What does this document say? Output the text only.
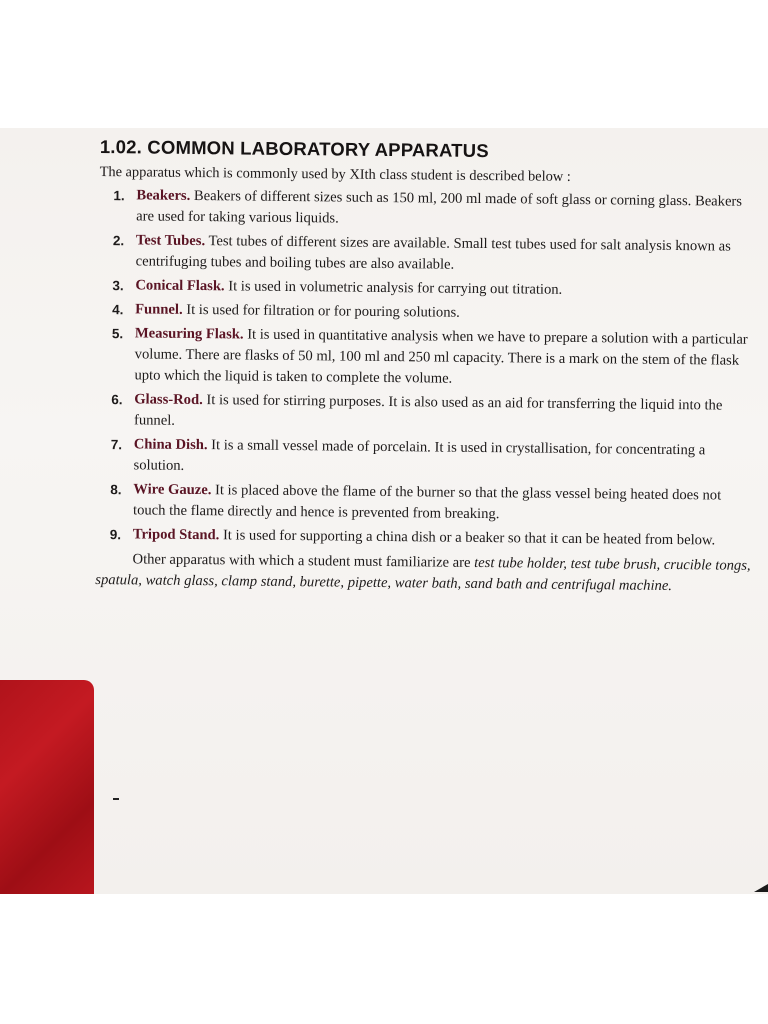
1.02. COMMON LABORATORY APPARATUS

The apparatus which is commonly used by XIth class student is described below :

1. Beakers. Beakers of different sizes such as 150 ml, 200 ml made of soft glass or corning glass. Beakers are used for taking various liquids.
2. Test Tubes. Test tubes of different sizes are available. Small test tubes used for salt analysis known as centrifuging tubes and boiling tubes are also available.
3. Conical Flask. It is used in volumetric analysis for carrying out titration.
4. Funnel. It is used for filtration or for pouring solutions.
5. Measuring Flask. It is used in quantitative analysis when we have to prepare a solution with a particular volume. There are flasks of 50 ml, 100 ml and 250 ml capacity. There is a mark on the stem of the flask upto which the liquid is taken to complete the volume.
6. Glass-Rod. It is used for stirring purposes. It is also used as an aid for transferring the liquid into the funnel.
7. China Dish. It is a small vessel made of porcelain. It is used in crystallisation, for concentrating a solution.
8. Wire Gauze. It is placed above the flame of the burner so that the glass vessel being heated does not touch the flame directly and hence is prevented from breaking.
9. Tripod Stand. It is used for supporting a china dish or a beaker so that it can be heated from below.

Other apparatus with which a student must familiarize are test tube holder, test tube brush, crucible tongs, spatula, watch glass, clamp stand, burette, pipette, water bath, sand bath and centrifugal machine.
